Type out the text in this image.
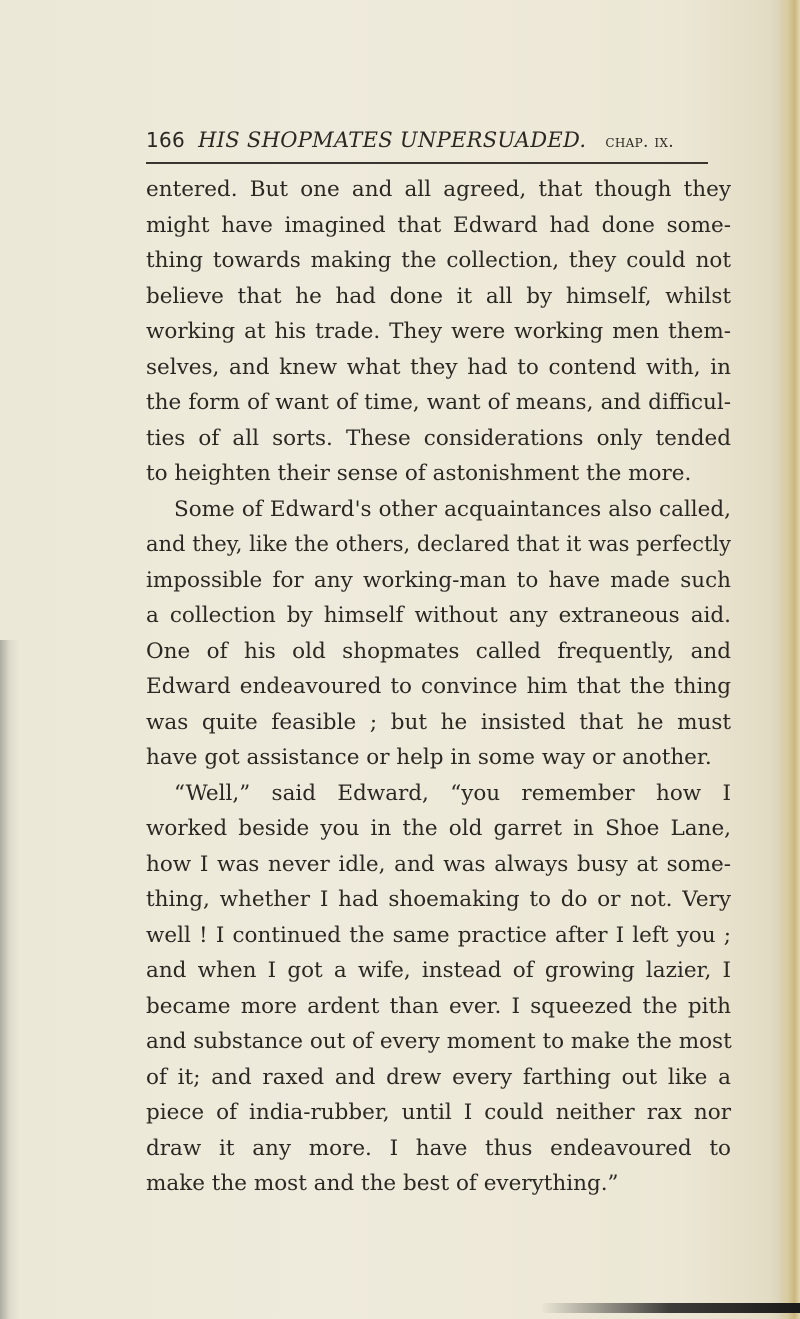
166 HIS SHOPMATES UNPERSUADED. chap. ix.
entered. But one and all agreed, that though they
might have imagined that Edward had done some-
thing towards making the collection, they could not
believe that he had done it all by himself, whilst
working at his trade. They were working men them-
selves, and knew what they had to contend with, in
the form of want of time, want of means, and difficul-
ties of all sorts. These considerations only tended
to heighten their sense of astonishment the more.
Some of Edward's other acquaintances also called,
and they, like the others, declared that it was perfectly
impossible for any working-man to have made such
a collection by himself without any extraneous aid.
One of his old shopmates called frequently, and
Edward endeavoured to convince him that the thing
was quite feasible ; but he insisted that he must
have got assistance or help in some way or another.
“Well,” said Edward, “you remember how I
worked beside you in the old garret in Shoe Lane,
how I was never idle, and was always busy at some-
thing, whether I had shoemaking to do or not. Very
well ! I continued the same practice after I left you ;
and when I got a wife, instead of growing lazier, I
became more ardent than ever. I squeezed the pith
and substance out of every moment to make the most
of it; and raxed and drew every farthing out like a
piece of india-rubber, until I could neither rax nor
draw it any more. I have thus endeavoured to
make the most and the best of everything.”
